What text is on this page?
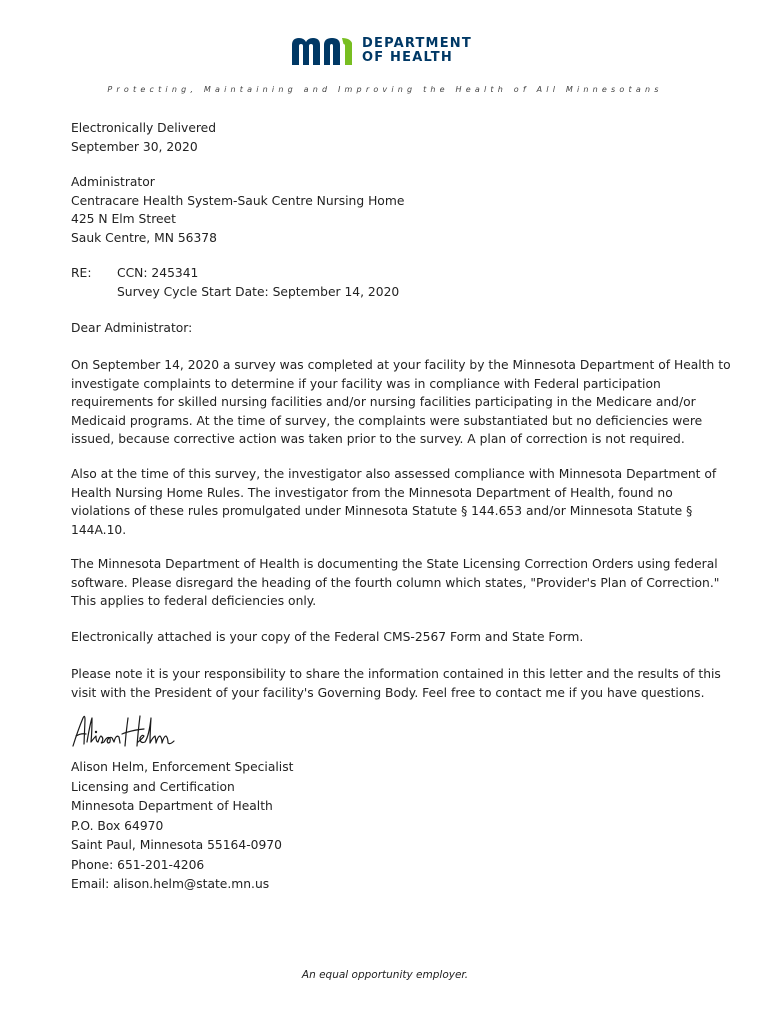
DEPARTMENT
OF HEALTH
Protecting, Maintaining and Improving the Health of All Minnesotans
Electronically Delivered
September 30, 2020
Administrator
Centracare Health System-Sauk Centre Nursing Home
425 N Elm Street
Sauk Centre, MN 56378
RE: CCN: 245341
Survey Cycle Start Date: September 14, 2020
Dear Administrator:
On September 14, 2020 a survey was completed at your facility by the Minnesota Department of Health to
investigate complaints to determine if your facility was in compliance with Federal participation
requirements for skilled nursing facilities and/or nursing facilities participating in the Medicare and/or
Medicaid programs. At the time of survey, the complaints were substantiated but no deficiencies were
issued, because corrective action was taken prior to the survey. A plan of correction is not required.
Also at the time of this survey, the investigator also assessed compliance with Minnesota Department of
Health Nursing Home Rules. The investigator from the Minnesota Department of Health, found no
violations of these rules promulgated under Minnesota Statute § 144.653 and/or Minnesota Statute §
144A.10.
The Minnesota Department of Health is documenting the State Licensing Correction Orders using federal
software. Please disregard the heading of the fourth column which states, "Provider's Plan of Correction."
This applies to federal deficiencies only.
Electronically attached is your copy of the Federal CMS-2567 Form and State Form.
Please note it is your responsibility to share the information contained in this letter and the results of this
visit with the President of your facility's Governing Body. Feel free to contact me if you have questions.
Alison Helm, Enforcement Specialist
Licensing and Certification
Minnesota Department of Health
P.O. Box 64970
Saint Paul, Minnesota 55164-0970
Phone: 651-201-4206
Email: alison.helm@state.mn.us
An equal opportunity employer.
